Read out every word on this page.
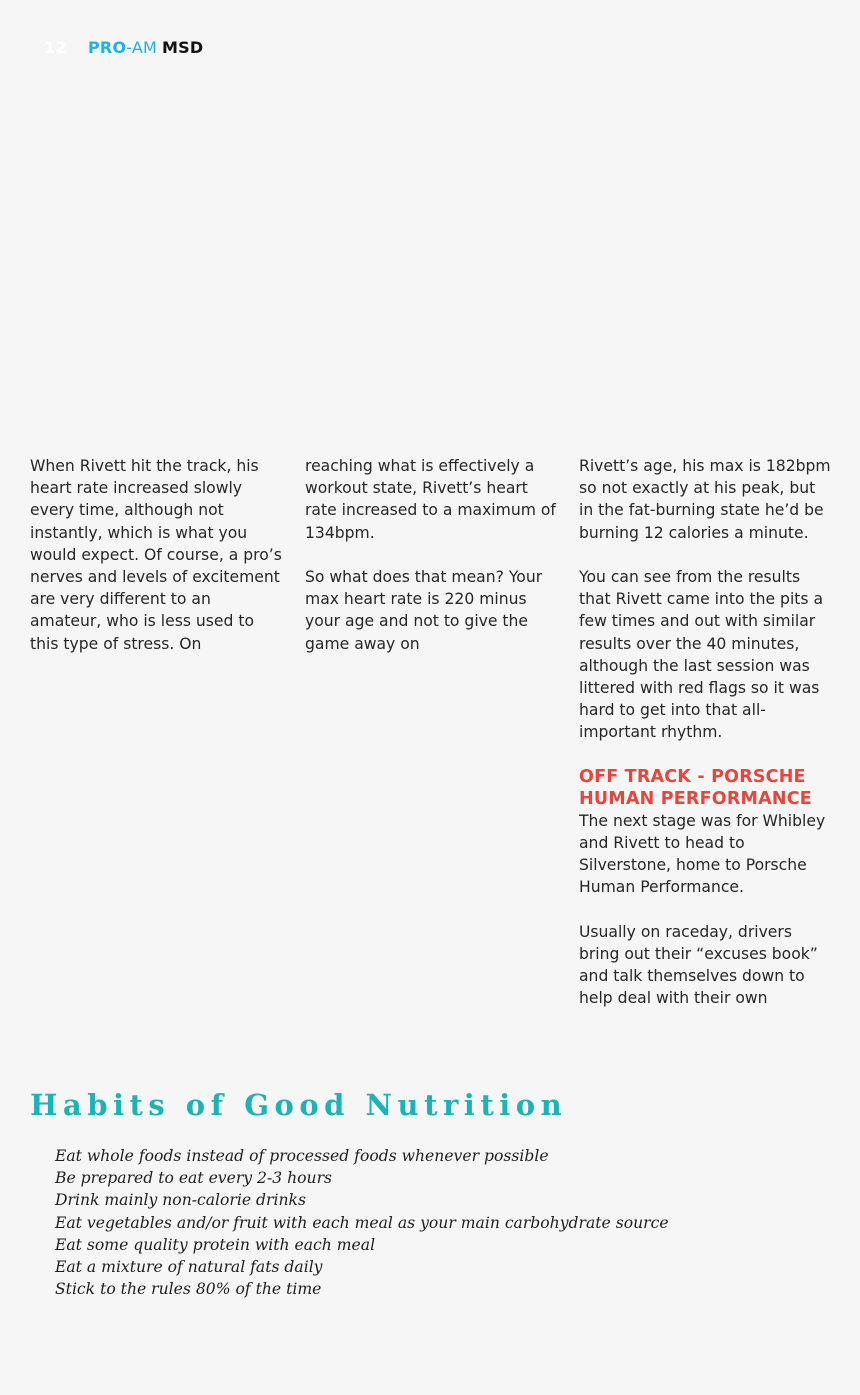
12	PRO -AM MSD

When Rivett hit the track, his heart rate increased slowly every time, although not instantly, which is what you would expect. Of course, a pro’s nerves and levels of excitement are very different to an amateur, who is less used to this type of stress. On

reaching what is effectively a workout state, Rivett’s heart rate increased to a maximum of 134bpm.

So what does that mean? Your max heart rate is 220 minus your age and not to give the game away on

Rivett’s age, his max is 182bpm so not exactly at his peak, but in the fat-burning state he’d be burning 12 calories a minute.

You can see from the results that Rivett came into the pits a few times and out with similar results over the 40 minutes, although the last session was littered with red flags so it was hard to get into that all-important rhythm.

OFF TRACK - PORSCHE HUMAN PERFORMANCE

The next stage was for Whibley and Rivett to head to Silverstone, home to Porsche Human Performance.

Usually on raceday, drivers bring out their “excuses book” and talk themselves down to help deal with their own

Habits of Good Nutrition
Eat whole foods instead of processed foods whenever possible
Be prepared to eat every 2-3 hours
Drink mainly non-calorie drinks
Eat vegetables and/or fruit with each meal as your main carbohydrate source
Eat some quality protein with each meal
Eat a mixture of natural fats daily
Stick to the rules 80% of the time
